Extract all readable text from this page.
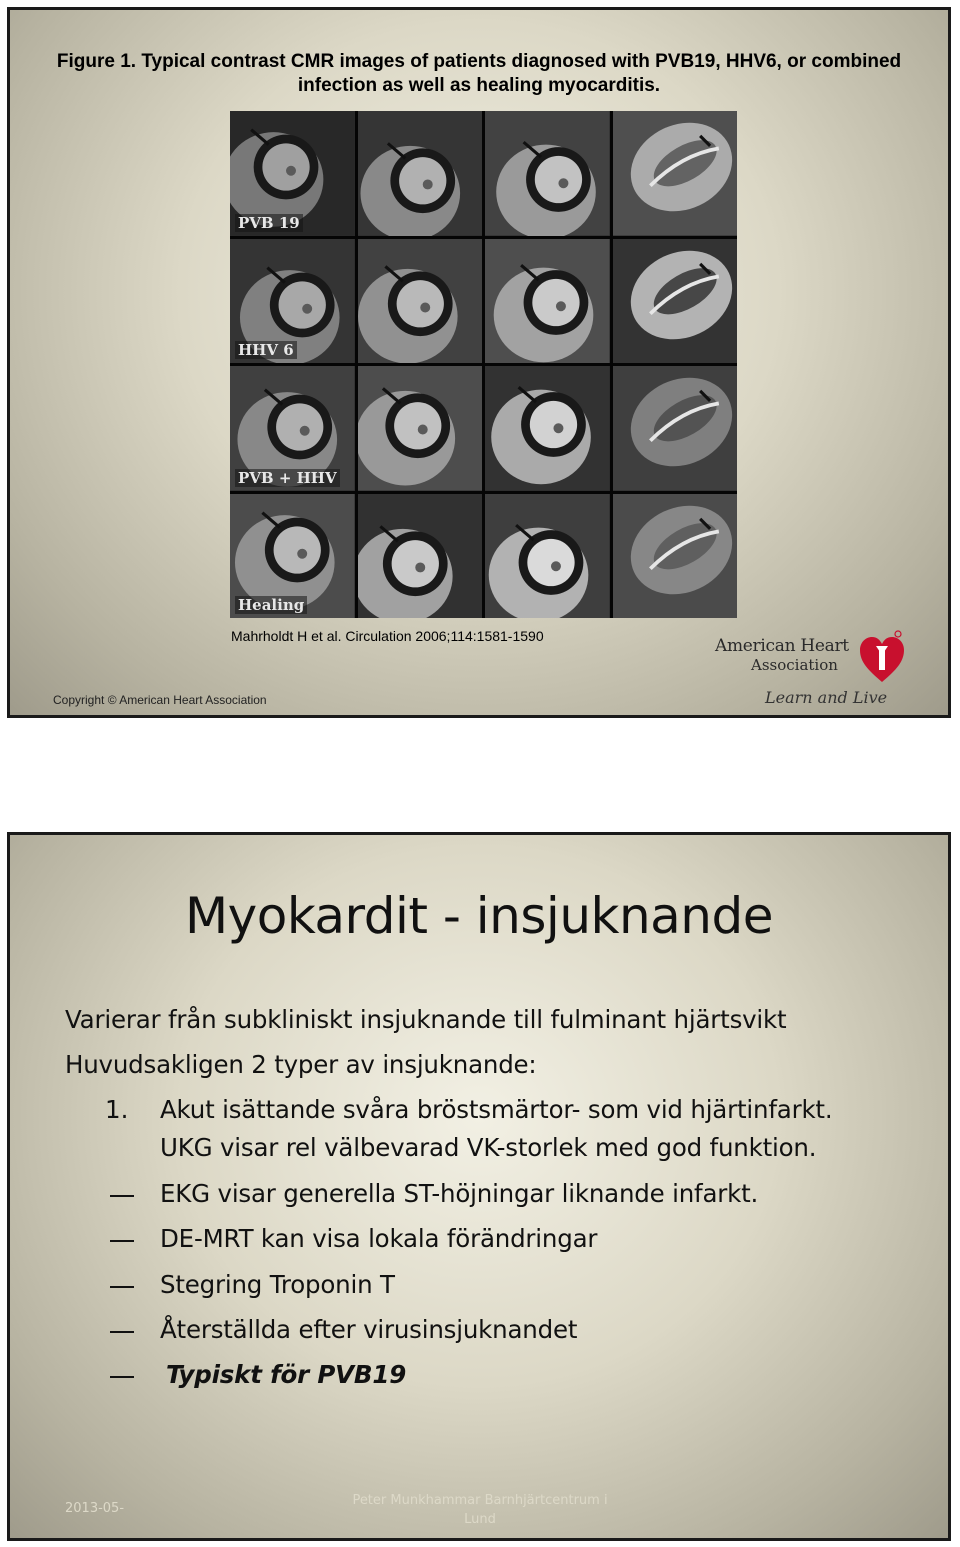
Figure 1. Typical contrast CMR images of patients diagnosed with PVB19, HHV6, or combined
infection as well as healing myocarditis.
PVB 19
HHV 6
PVB + HHV
Healing
Mahrholdt H et al. Circulation 2006;114:1581-1590
Copyright © American Heart Association
American Heart
Association
Learn and Live
Myokardit - insjuknande
Varierar från subkliniskt insjuknande till fulminant hjärtsvikt
Huvudsakligen 2 typer av insjuknande:
1. Akut isättande svåra bröstsmärtor- som vid hjärtinfarkt.
UKG visar rel välbevarad VK-storlek med god funktion.
EKG visar generella ST-höjningar liknande infarkt.
DE-MRT kan visa lokala förändringar
Stegring Troponin T
Återställda efter virusinsjuknandet
Typiskt för PVB19
2013-05-
Peter Munkhammar Barnhjärtcentrum i
Lund
